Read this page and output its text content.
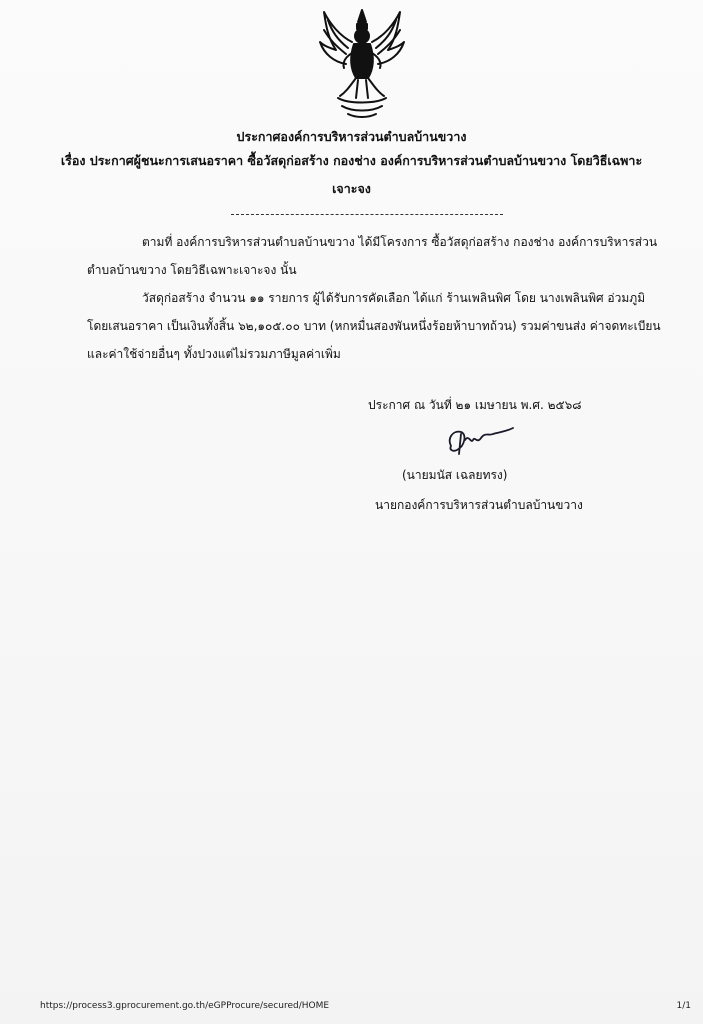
ประกาศองค์การบริหารส่วนตำบลบ้านขวาง
เรื่อง ประกาศผู้ชนะการเสนอราคา ซื้อวัสดุก่อสร้าง กองช่าง องค์การบริหารส่วนตำบลบ้านขวาง โดยวิธีเฉพาะ
เจาะจง
ตามที่ องค์การบริหารส่วนตำบลบ้านขวาง ได้มีโครงการ ซื้อวัสดุก่อสร้าง กองช่าง องค์การบริหารส่วน
ตำบลบ้านขวาง โดยวิธีเฉพาะเจาะจง นั้น
วัสดุก่อสร้าง จำนวน ๑๑ รายการ ผู้ได้รับการคัดเลือก ได้แก่ ร้านเพลินพิศ โดย นางเพลินพิศ อ่วมภูมิ
โดยเสนอราคา เป็นเงินทั้งสิ้น ๖๒,๑๐๕.๐๐ บาท (หกหมื่นสองพันหนึ่งร้อยห้าบาทถ้วน) รวมค่าขนส่ง ค่าจดทะเบียน
และค่าใช้จ่ายอื่นๆ ทั้งปวงแต่ไม่รวมภาษีมูลค่าเพิ่ม
ประกาศ ณ วันที่ ๒๑ เมษายน พ.ศ. ๒๕๖๘
(นายมนัส เฉลยทรง)
นายกองค์การบริหารส่วนตำบลบ้านขวาง
https://process3.gprocurement.go.th/eGPProcure/secured/HOME	1/1
